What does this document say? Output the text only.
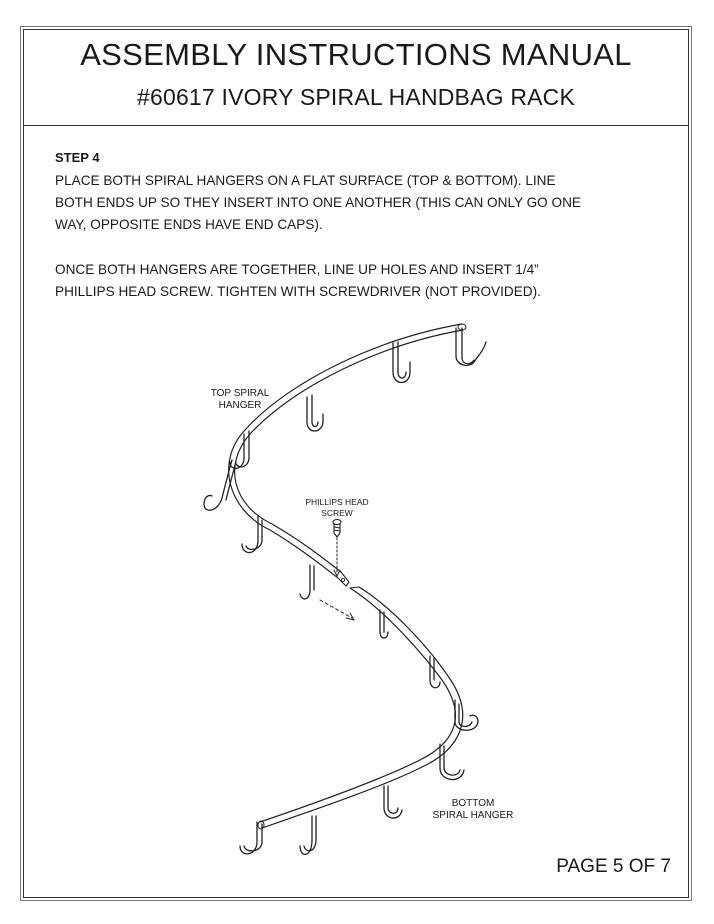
ASSEMBLY INSTRUCTIONS MANUAL
#60617 IVORY SPIRAL HANDBAG RACK
STEP 4
PLACE BOTH SPIRAL HANGERS ON A FLAT SURFACE (TOP & BOTTOM). LINE
BOTH ENDS UP SO THEY INSERT INTO ONE ANOTHER (THIS CAN ONLY GO ONE
WAY, OPPOSITE ENDS HAVE END CAPS).
ONCE BOTH HANGERS ARE TOGETHER, LINE UP HOLES AND INSERT 1/4”
PHILLIPS HEAD SCREW. TIGHTEN WITH SCREWDRIVER (NOT PROVIDED).
TOP SPIRAL
HANGER
PHILLIPS HEAD
SCREW
BOTTOM
SPIRAL HANGER
PAGE 5 OF 7
